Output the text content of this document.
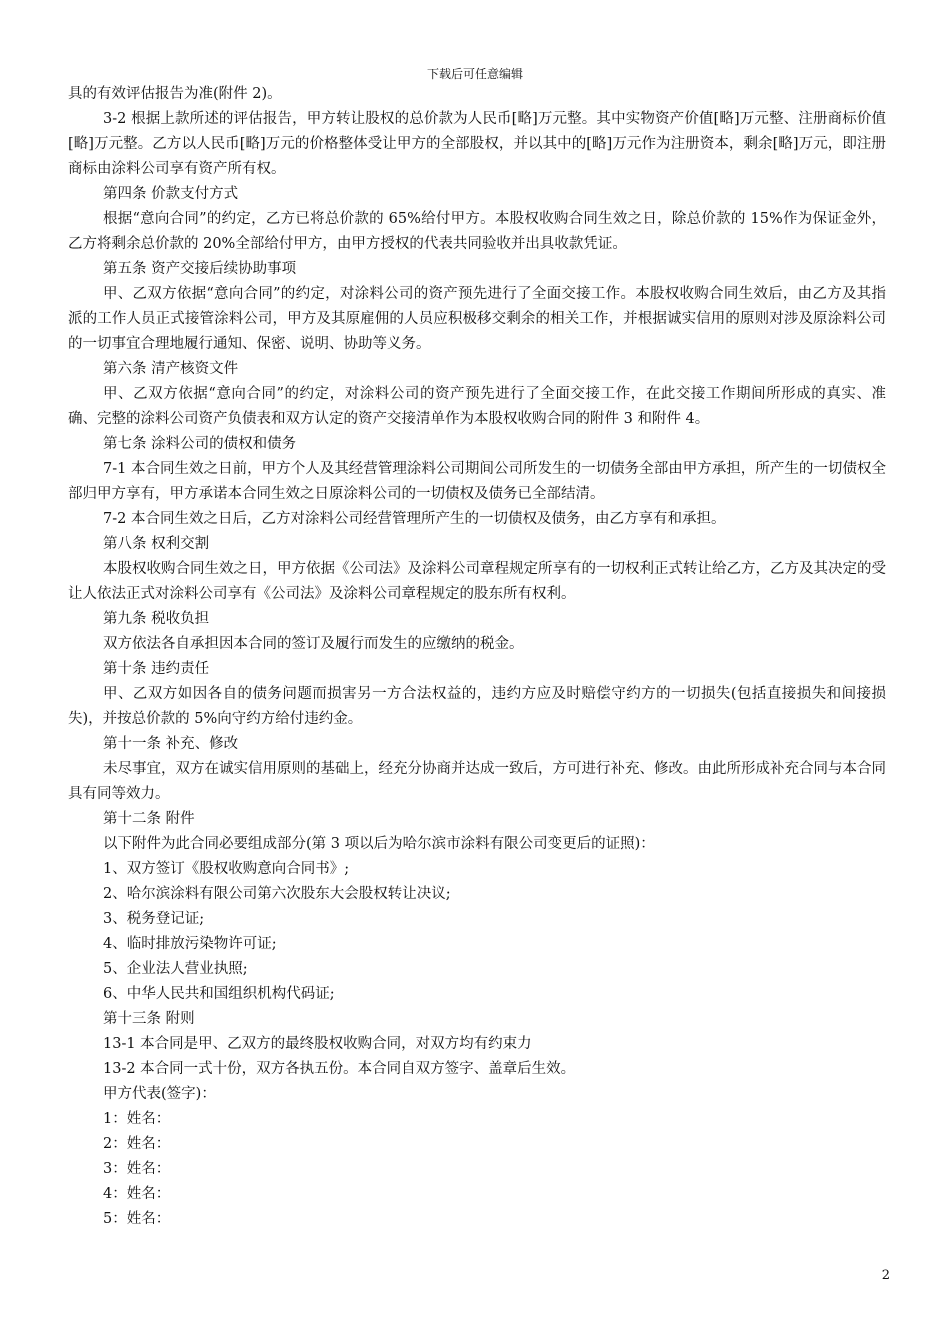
下载后可任意编辑

具的有效评估报告为准(附件 2)。

3-2 根据上款所述的评估报告，甲方转让股权的总价款为人民币[略]万元整。其中实物资产价值[略]万元整、注册商标价值[略]万元整。乙方以人民币[略]万元的价格整体受让甲方的全部股权，并以其中的[略]万元作为注册资本，剩余[略]万元，即注册商标由涂料公司享有资产所有权。

第四条 价款支付方式

根据“意向合同”的约定，乙方已将总价款的 65%给付甲方。本股权收购合同生效之日，除总价款的 15%作为保证金外，乙方将剩余总价款的 20%全部给付甲方，由甲方授权的代表共同验收并出具收款凭证。

第五条 资产交接后续协助事项

甲、乙双方依据“意向合同”的约定，对涂料公司的资产预先进行了全面交接工作。本股权收购合同生效后，由乙方及其指派的工作人员正式接管涂料公司，甲方及其原雇佣的人员应积极移交剩余的相关工作，并根据诚实信用的原则对涉及原涂料公司的一切事宜合理地履行通知、保密、说明、协助等义务。

第六条 清产核资文件

甲、乙双方依据“意向合同”的约定，对涂料公司的资产预先进行了全面交接工作，在此交接工作期间所形成的真实、准确、完整的涂料公司资产负债表和双方认定的资产交接清单作为本股权收购合同的附件 3 和附件 4。

第七条 涂料公司的债权和债务

7-1 本合同生效之日前，甲方个人及其经营管理涂料公司期间公司所发生的一切债务全部由甲方承担，所产生的一切债权全部归甲方享有，甲方承诺本合同生效之日原涂料公司的一切债权及债务已全部结清。

7-2 本合同生效之日后，乙方对涂料公司经营管理所产生的一切债权及债务，由乙方享有和承担。

第八条 权利交割

本股权收购合同生效之日，甲方依据《公司法》及涂料公司章程规定所享有的一切权利正式转让给乙方，乙方及其决定的受让人依法正式对涂料公司享有《公司法》及涂料公司章程规定的股东所有权利。

第九条 税收负担

双方依法各自承担因本合同的签订及履行而发生的应缴纳的税金。

第十条 违约责任

甲、乙双方如因各自的债务问题而损害另一方合法权益的，违约方应及时赔偿守约方的一切损失(包括直接损失和间接损失)，并按总价款的 5%向守约方给付违约金。

第十一条 补充、修改

未尽事宜，双方在诚实信用原则的基础上，经充分协商并达成一致后，方可进行补充、修改。由此所形成补充合同与本合同具有同等效力。

第十二条 附件

以下附件为此合同必要组成部分(第 3 项以后为哈尔滨市涂料有限公司变更后的证照)：

1、双方签订《股权收购意向合同书》;

2、哈尔滨涂料有限公司第六次股东大会股权转让决议;

3、税务登记证;

4、临时排放污染物许可证;

5、企业法人营业执照;

6、中华人民共和国组织机构代码证;

第十三条 附则

13-1 本合同是甲、乙双方的最终股权收购合同，对双方均有约束力

13-2 本合同一式十份，双方各执五份。本合同自双方签字、盖章后生效。

甲方代表(签字)：

1：姓名：

2：姓名：

3：姓名：

4：姓名：

5：姓名：

2
